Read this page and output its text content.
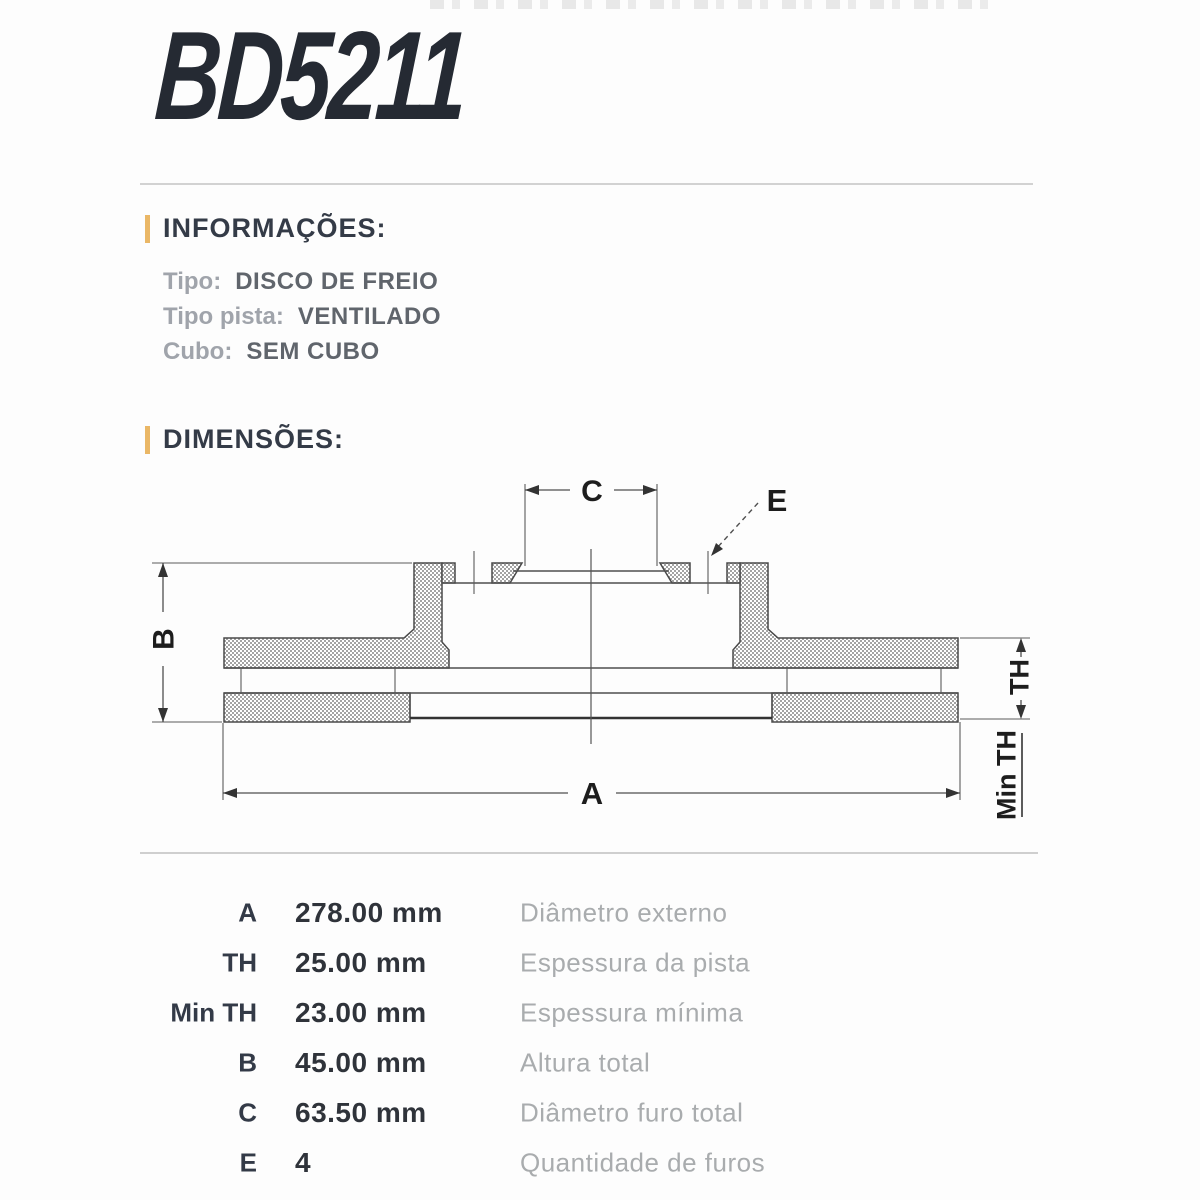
BD5211
INFORMAÇÕES:
Tipo: DISCO DE FREIO
Tipo pista: VENTILADO
Cubo: SEM CUBO
DIMENSÕES:
C	E
B
A
TH
Min TH
A 278.00 mm	Diâmetro externo
TH 25.00 mm	Espessura da pista
Min TH 23.00 mm	Espessura mínima
B 45.00 mm	Altura total
C 63.50 mm	Diâmetro furo total
E 4	Quantidade de furos
